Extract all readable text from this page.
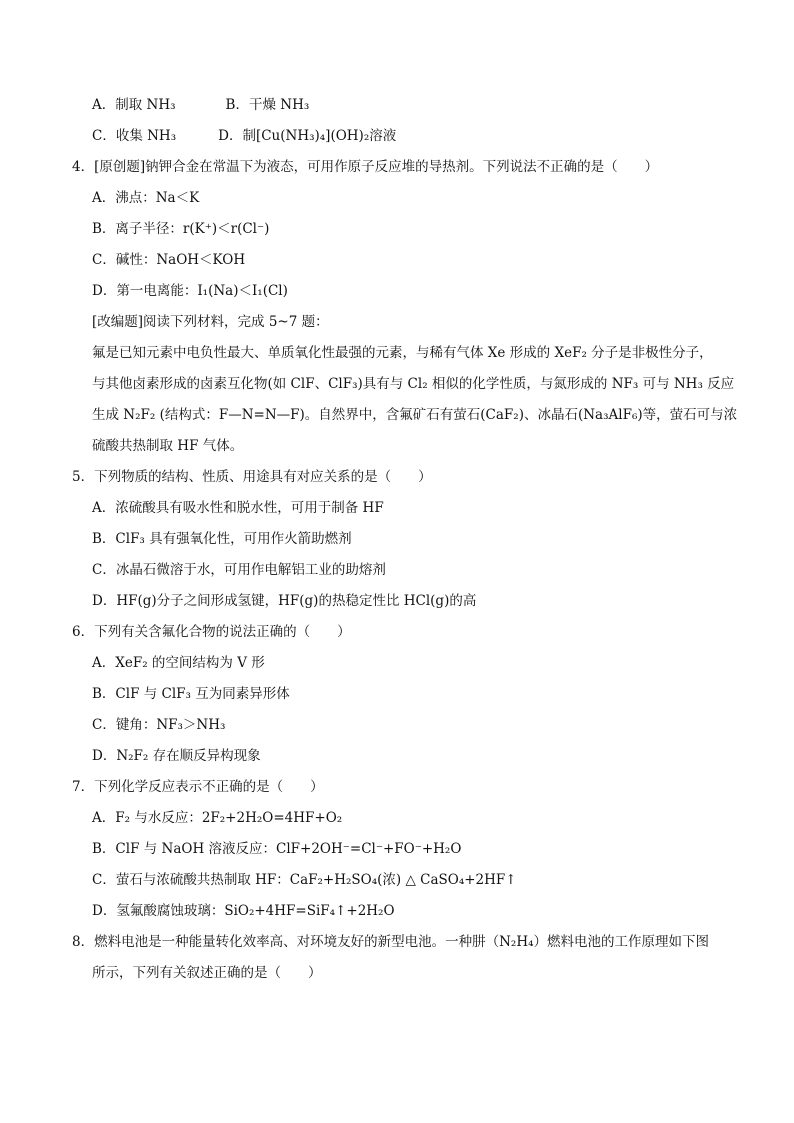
A．制取 NH₃	B．干燥 NH₃
C．收集 NH₃	D．制[Cu(NH₃)₄](OH)₂溶液
4．[原创题]钠钾合金在常温下为液态，可用作原子反应堆的导热剂。下列说法不正确的是（　　）
A．沸点：Na＜K
B．离子半径：r(K⁺)＜r(Cl⁻)
C．碱性：NaOH＜KOH
D．第一电离能：I₁(Na)＜I₁(Cl)
[改编题]阅读下列材料，完成 5~7 题：
氟是已知元素中电负性最大、单质氧化性最强的元素，与稀有气体 Xe 形成的 XeF₂ 分子是非极性分子，
与其他卤素形成的卤素互化物(如 ClF、ClF₃)具有与 Cl₂ 相似的化学性质，与氮形成的 NF₃ 可与 NH₃ 反应
生成 N₂F₂ (结构式：F—N=N—F)。自然界中，含氟矿石有萤石(CaF₂)、冰晶石(Na₃AlF₆)等，萤石可与浓
硫酸共热制取 HF 气体。
5．下列物质的结构、性质、用途具有对应关系的是（　　）
A．浓硫酸具有吸水性和脱水性，可用于制备 HF
B．ClF₃ 具有强氧化性，可用作火箭助燃剂
C．冰晶石微溶于水，可用作电解铝工业的助熔剂
D．HF(g)分子之间形成氢键，HF(g)的热稳定性比 HCl(g)的高
6．下列有关含氟化合物的说法正确的（　　）
A．XeF₂ 的空间结构为 V 形
B．ClF 与 ClF₃ 互为同素异形体
C．键角：NF₃＞NH₃
D．N₂F₂ 存在顺反异构现象
7．下列化学反应表示不正确的是（　　）
A．F₂ 与水反应：2F₂+2H₂O=4HF+O₂
B．ClF 与 NaOH 溶液反应：ClF+2OH⁻=Cl⁻+FO⁻+H₂O
C．萤石与浓硫酸共热制取 HF：CaF₂+H₂SO₄(浓) △ CaSO₄+2HF↑
D．氢氟酸腐蚀玻璃：SiO₂+4HF=SiF₄↑+2H₂O
8．燃料电池是一种能量转化效率高、对环境友好的新型电池。一种肼（N₂H₄）燃料电池的工作原理如下图
所示，下列有关叙述正确的是（　　）
